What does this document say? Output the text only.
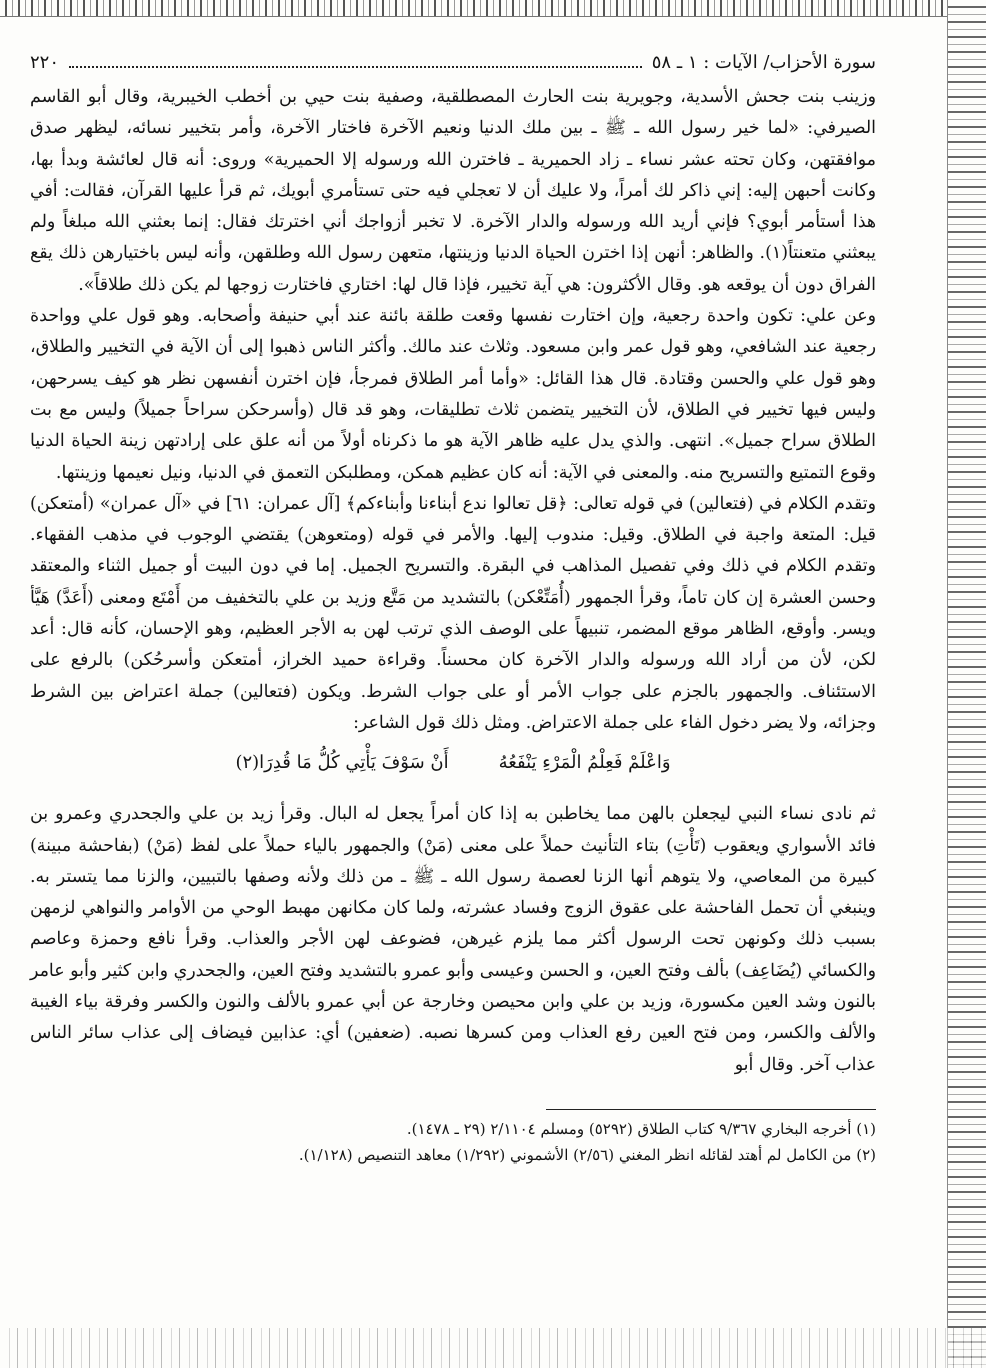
سورة الأحزاب/ الآيات : ١ ـ ٥٨
٢٢٠

وزينب بنت جحش الأسدية، وجويرية بنت الحارث المصطلقية، وصفية بنت حيي بن أخطب الخيبرية، وقال أبو القاسم الصيرفي: «لما خير رسول الله ـ ﷺ ـ بين ملك الدنيا ونعيم الآخرة فاختار الآخرة، وأمر بتخيير نسائه، ليظهر صدق موافقتهن، وكان تحته عشر نساء ـ زاد الحميرية ـ فاخترن الله ورسوله إلا الحميرية» وروى: أنه قال لعائشة وبدأ بها، وكانت أحبهن إليه: إني ذاكر لك أمراً، ولا عليك أن لا تعجلي فيه حتى تستأمري أبويك، ثم قرأ عليها القرآن، فقالت: أفي هذا أستأمر أبوي؟ فإني أريد الله ورسوله والدار الآخرة. لا تخبر أزواجك أني اخترتك فقال: إنما بعثني الله مبلغاً ولم يبعثني متعنتاً(١). والظاهر: أنهن إذا اخترن الحياة الدنيا وزينتها، متعهن رسول الله وطلقهن، وأنه ليس باختيارهن ذلك يقع الفراق دون أن يوقعه هو. وقال الأكثرون: هي آية تخيير، فإذا قال لها: اختاري فاختارت زوجها لم يكن ذلك طلاقاً».

وعن علي: تكون واحدة رجعية، وإن اختارت نفسها وقعت طلقة بائنة عند أبي حنيفة وأصحابه. وهو قول علي وواحدة رجعية عند الشافعي، وهو قول عمر وابن مسعود. وثلاث عند مالك. وأكثر الناس ذهبوا إلى أن الآية في التخيير والطلاق، وهو قول علي والحسن وقتادة. قال هذا القائل: «وأما أمر الطلاق فمرجأ، فإن اخترن أنفسهن نظر هو كيف يسرحهن، وليس فيها تخيير في الطلاق، لأن التخيير يتضمن ثلاث تطليقات، وهو قد قال (وأسرحكن سراحاً جميلاً) وليس مع بت الطلاق سراح جميل». انتهى. والذي يدل عليه ظاهر الآية هو ما ذكرناه أولاً من أنه علق على إرادتهن زينة الحياة الدنيا وقوع التمتيع والتسريح منه. والمعنى في الآية: أنه كان عظيم همكن، ومطلبكن التعمق في الدنيا، ونيل نعيمها وزينتها.

وتقدم الكلام في (فتعالين) في قوله تعالى: ﴿قل تعالوا ندع أبناءنا وأبناءكم﴾ [آل عمران: ٦١] في «آل عمران» (أمتعكن) قيل: المتعة واجبة في الطلاق. وقيل: مندوب إليها. والأمر في قوله (ومتعوهن) يقتضي الوجوب في مذهب الفقهاء. وتقدم الكلام في ذلك وفي تفصيل المذاهب في البقرة. والتسريح الجميل. إما في دون البيت أو جميل الثناء والمعتقد وحسن العشرة إن كان تاماً، وقرأ الجمهور (أُمَتِّعْكن) بالتشديد من مَتَّع وزيد بن علي بالتخفيف من أَمْتَع ومعنى (أَعَدَّ) هَيَّأ ويسر. وأوقع، الظاهر موقع المضمر، تنبيهاً على الوصف الذي ترتب لهن به الأجر العظيم، وهو الإحسان، كأنه قال: أعد لكن، لأن من أراد الله ورسوله والدار الآخرة كان محسناً. وقراءة حميد الخراز، أمتعكن وأسرحُكن) بالرفع على الاستئناف. والجمهور بالجزم على جواب الأمر أو على جواب الشرط. ويكون (فتعالين) جملة اعتراض بين الشرط وجزائه، ولا يضر دخول الفاء على جملة الاعتراض. ومثل ذلك قول الشاعر:

وَاعْلَمْ فَعِلْمُ الْمَرْءِ يَنْفَعُهُ
أَنْ سَوْفَ يَأْتِي كُلُّ مَا قُدِرَا(٢)

ثم نادى نساء النبي ليجعلن بالهن مما يخاطبن به إذا كان أمراً يجعل له البال. وقرأ زيد بن علي والجحدري وعمرو بن فائد الأسواري ويعقوب (تَأْتِ) بتاء التأنيث حملاً على معنى (مَنْ) والجمهور بالياء حملاً على لفظ (مَنْ) (بفاحشة مبينة) كبيرة من المعاصي، ولا يتوهم أنها الزنا لعصمة رسول الله ـ ﷺ ـ من ذلك ولأنه وصفها بالتبيين، والزنا مما يتستر به. وينبغي أن تحمل الفاحشة على عقوق الزوج وفساد عشرته، ولما كان مكانهن مهبط الوحي من الأوامر والنواهي لزمهن بسبب ذلك وكونهن تحت الرسول أكثر مما يلزم غيرهن، فضوعف لهن الأجر والعذاب. وقرأ نافع وحمزة وعاصم والكسائي (يُضَاعِف) بألف وفتح العين، و الحسن وعيسى وأبو عمرو بالتشديد وفتح العين، والجحدري وابن كثير وأبو عامر بالنون وشد العين مكسورة، وزيد بن علي وابن محيصن وخارجة عن أبي عمرو بالألف والنون والكسر وفرقة بياء الغيبة والألف والكسر، ومن فتح العين رفع العذاب ومن كسرها نصبه. (ضعفين) أي: عذابين فيضاف إلى عذاب سائر الناس عذاب آخر. وقال أبو

(١) أخرجه البخاري ٩/٣٦٧ كتاب الطلاق (٥٢٩٢) ومسلم ٢/١١٠٤ (٢٩ ـ ١٤٧٨).

(٢) من الكامل لم أهتد لقائله انظر المغني (٢/٥٦) الأشموني (١/٢٩٢) معاهد التنصيص (١/١٢٨).
